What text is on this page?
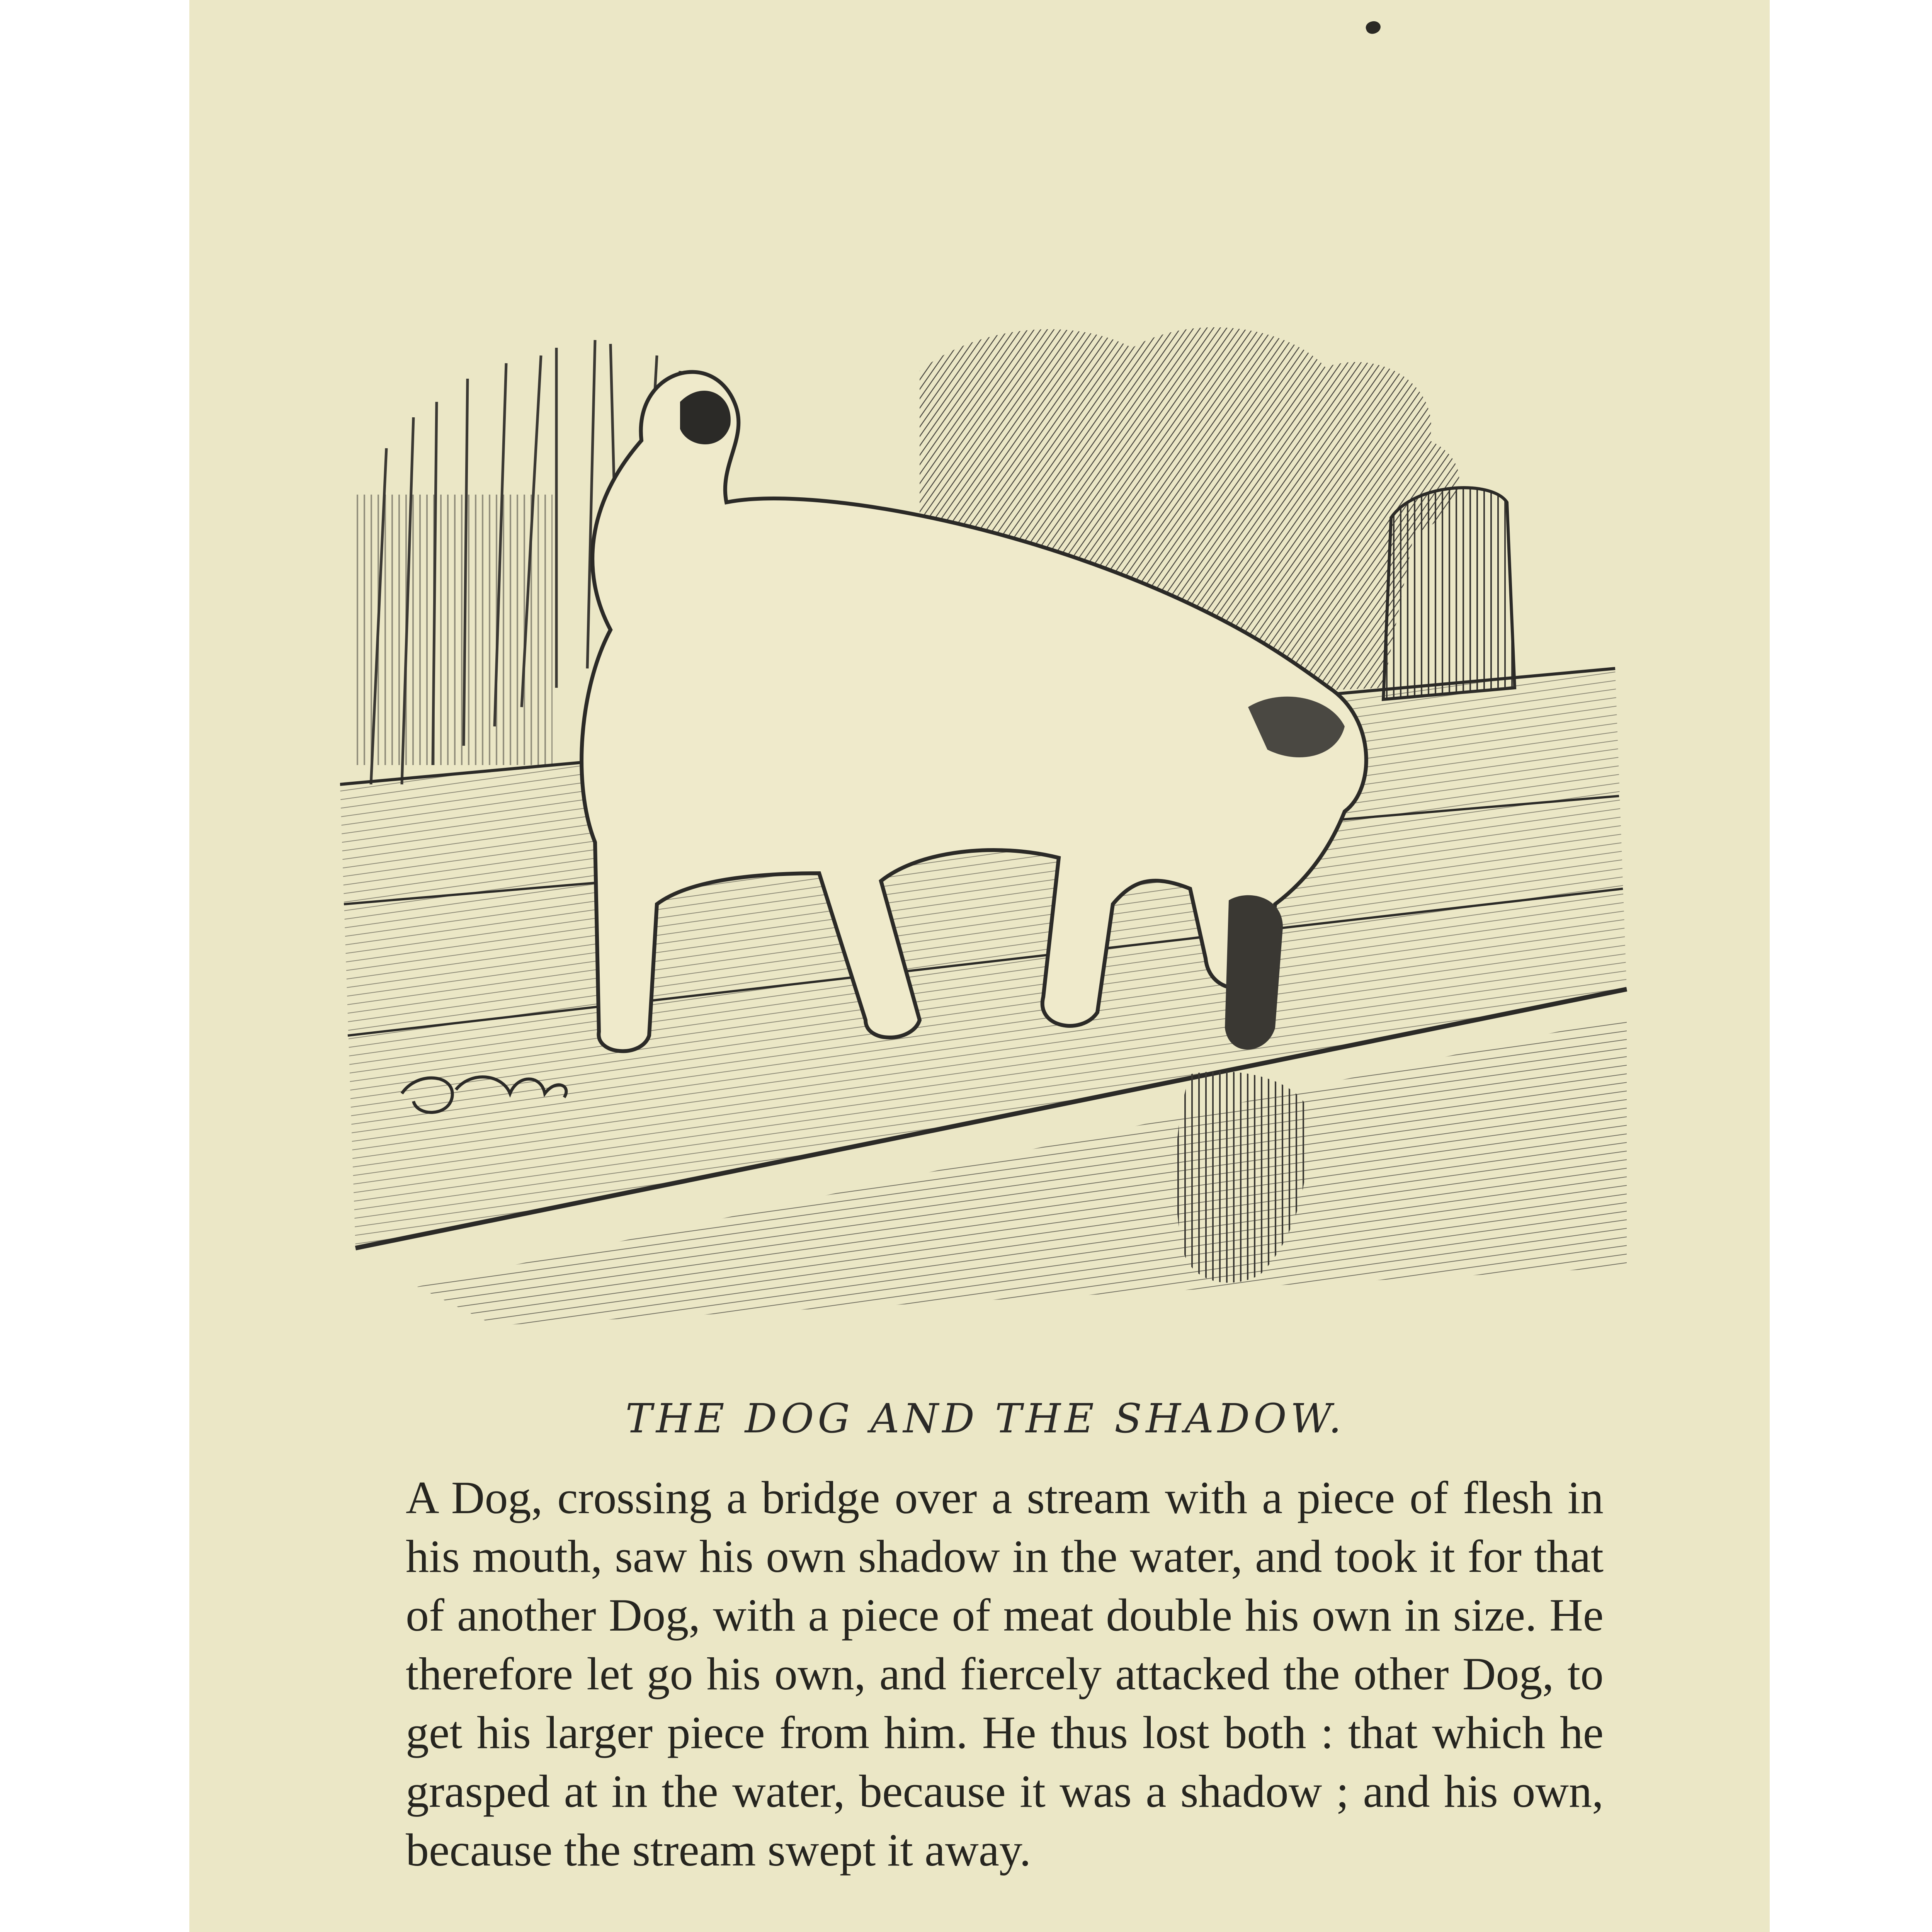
THE DOG AND THE SHADOW.

A Dog, crossing a bridge over a stream with a piece of flesh in his mouth, saw his own shadow in the water, and took it for that of another Dog, with a piece of meat double his own in size. He therefore let go his own, and fiercely attacked the other Dog, to get his larger piece from him. He thus lost both : that which he grasped at in the water, because it was a shadow ; and his own, because the stream swept it away.
